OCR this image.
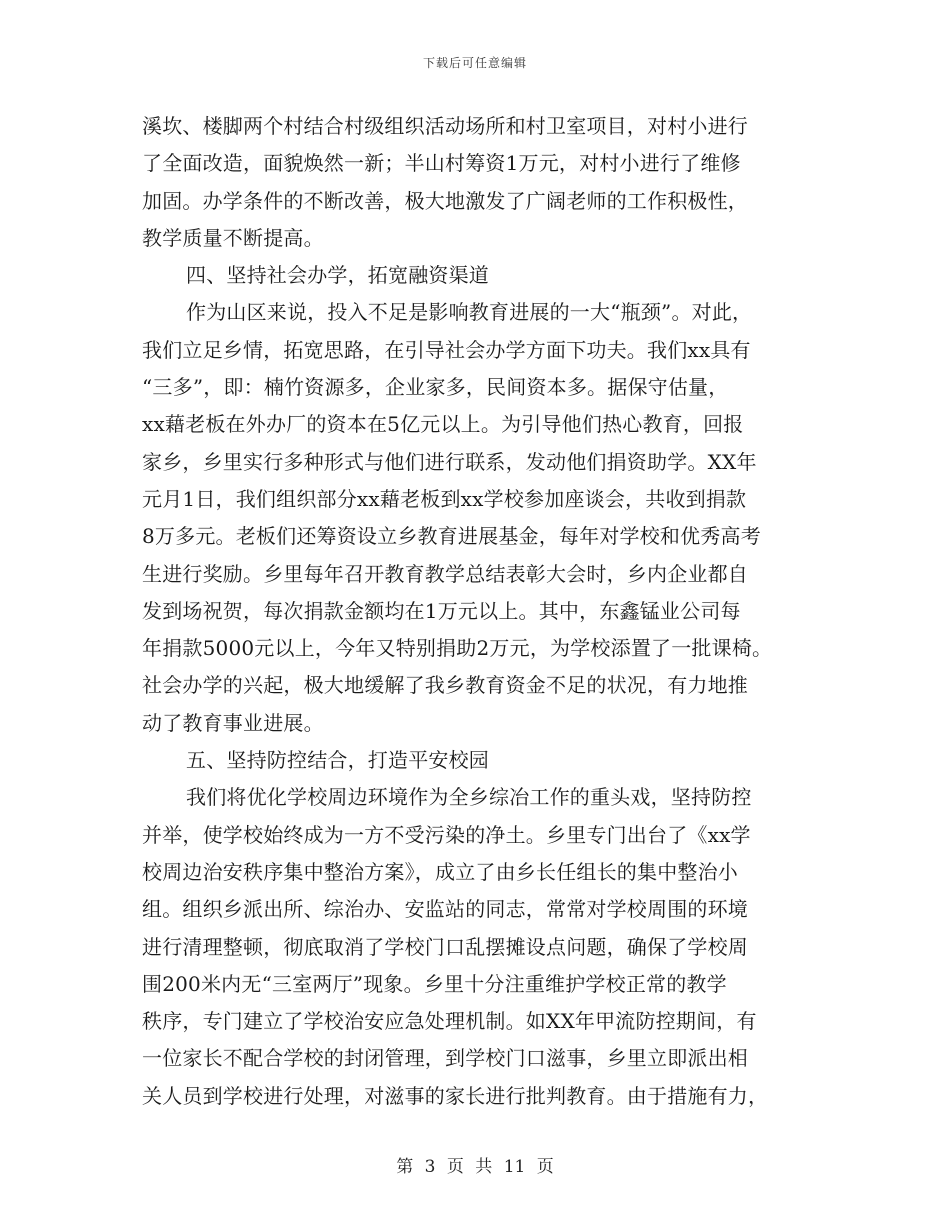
下载后可任意编辑
溪坎、楼脚两个村结合村级组织活动场所和村卫室项目，对村小进行
了全面改造，面貌焕然一新；半山村筹资1万元，对村小进行了维修
加固。办学条件的不断改善，极大地激发了广阔老师的工作积极性，
教学质量不断提高。
四、坚持社会办学，拓宽融资渠道
作为山区来说，投入不足是影响教育进展的一大“瓶颈”。对此，
我们立足乡情，拓宽思路，在引导社会办学方面下功夫。我们xx具有
“三多”，即：楠竹资源多，企业家多，民间资本多。据保守估量，
xx藉老板在外办厂的资本在5亿元以上。为引导他们热心教育，回报
家乡，乡里实行多种形式与他们进行联系，发动他们捐资助学。XX年
元月1日，我们组织部分xx藉老板到xx学校参加座谈会，共收到捐款
8万多元。老板们还筹资设立乡教育进展基金，每年对学校和优秀高考
生进行奖励。乡里每年召开教育教学总结表彰大会时，乡内企业都自
发到场祝贺，每次捐款金额均在1万元以上。其中，东鑫锰业公司每
年捐款5000元以上，今年又特别捐助2万元，为学校添置了一批课椅。
社会办学的兴起，极大地缓解了我乡教育资金不足的状况，有力地推
动了教育事业进展。
五、坚持防控结合，打造平安校园
我们将优化学校周边环境作为全乡综冶工作的重头戏，坚持防控
并举，使学校始终成为一方不受污染的净土。乡里专门出台了《xx学
校周边治安秩序集中整治方案》，成立了由乡长任组长的集中整治小
组。组织乡派出所、综治办、安监站的同志，常常对学校周围的环境
进行清理整顿，彻底取消了学校门口乱摆摊设点问题，确保了学校周
围200米内无“三室两厅”现象。乡里十分注重维护学校正常的教学
秩序，专门建立了学校治安应急处理机制。如XX年甲流防控期间，有
一位家长不配合学校的封闭管理，到学校门口滋事，乡里立即派出相
关人员到学校进行处理，对滋事的家长进行批判教育。由于措施有力，
第 3 页 共 11 页
